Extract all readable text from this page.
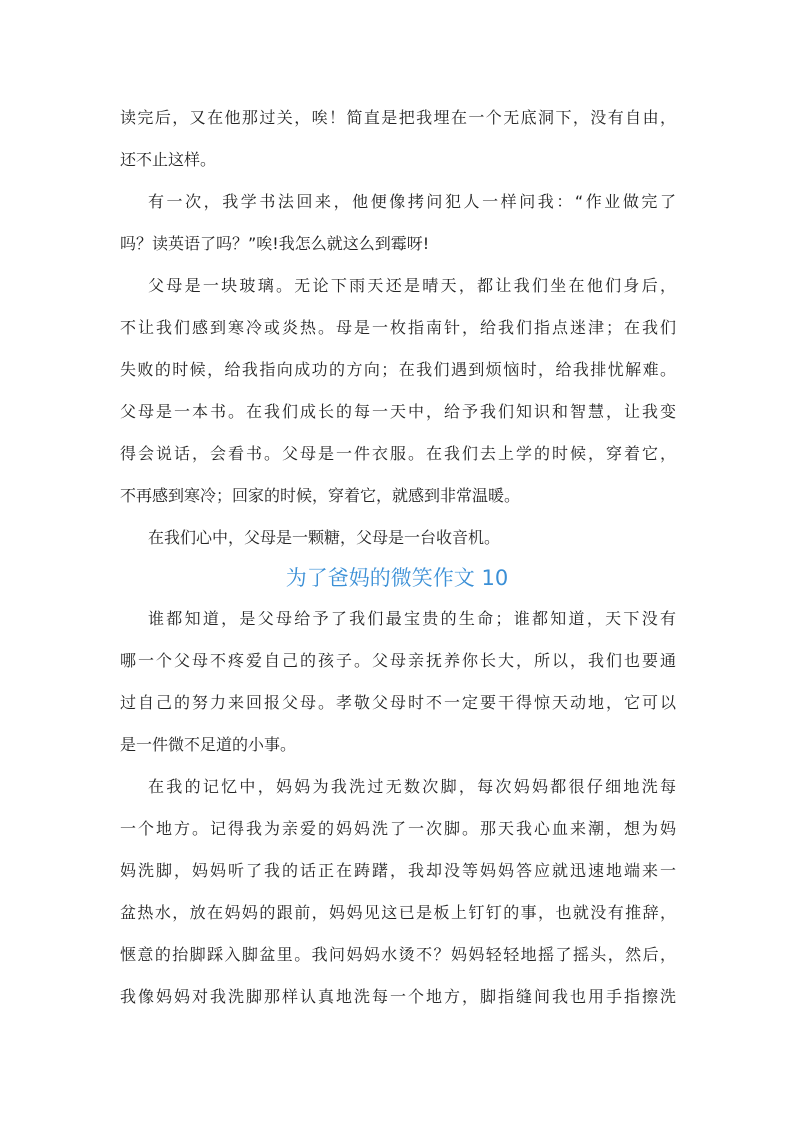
读完后，又在他那过关，唉！简直是把我埋在一个无底洞下，没有自由，
还不止这样。
有一次，我学书法回来，他便像拷问犯人一样问我：“作业做完了
吗？读英语了吗？”唉!我怎么就这么到霉呀!
父母是一块玻璃。无论下雨天还是晴天，都让我们坐在他们身后，
不让我们感到寒冷或炎热。母是一枚指南针，给我们指点迷津；在我们
失败的时候，给我指向成功的方向；在我们遇到烦恼时，给我排忧解难。
父母是一本书。在我们成长的每一天中，给予我们知识和智慧，让我变
得会说话，会看书。父母是一件衣服。在我们去上学的时候，穿着它，
不再感到寒冷；回家的时候，穿着它，就感到非常温暖。
在我们心中，父母是一颗糖，父母是一台收音机。
为了爸妈的微笑作文 10
谁都知道，是父母给予了我们最宝贵的生命；谁都知道，天下没有
哪一个父母不疼爱自己的孩子。父母亲抚养你长大，所以，我们也要通
过自己的努力来回报父母。孝敬父母时不一定要干得惊天动地，它可以
是一件微不足道的小事。
在我的记忆中，妈妈为我洗过无数次脚，每次妈妈都很仔细地洗每
一个地方。记得我为亲爱的妈妈洗了一次脚。那天我心血来潮，想为妈
妈洗脚，妈妈听了我的话正在踌躇，我却没等妈妈答应就迅速地端来一
盆热水，放在妈妈的跟前，妈妈见这已是板上钉钉的事，也就没有推辞，
惬意的抬脚踩入脚盆里。我问妈妈水烫不？妈妈轻轻地摇了摇头，然后，
我像妈妈对我洗脚那样认真地洗每一个地方，脚指缝间我也用手指擦洗
